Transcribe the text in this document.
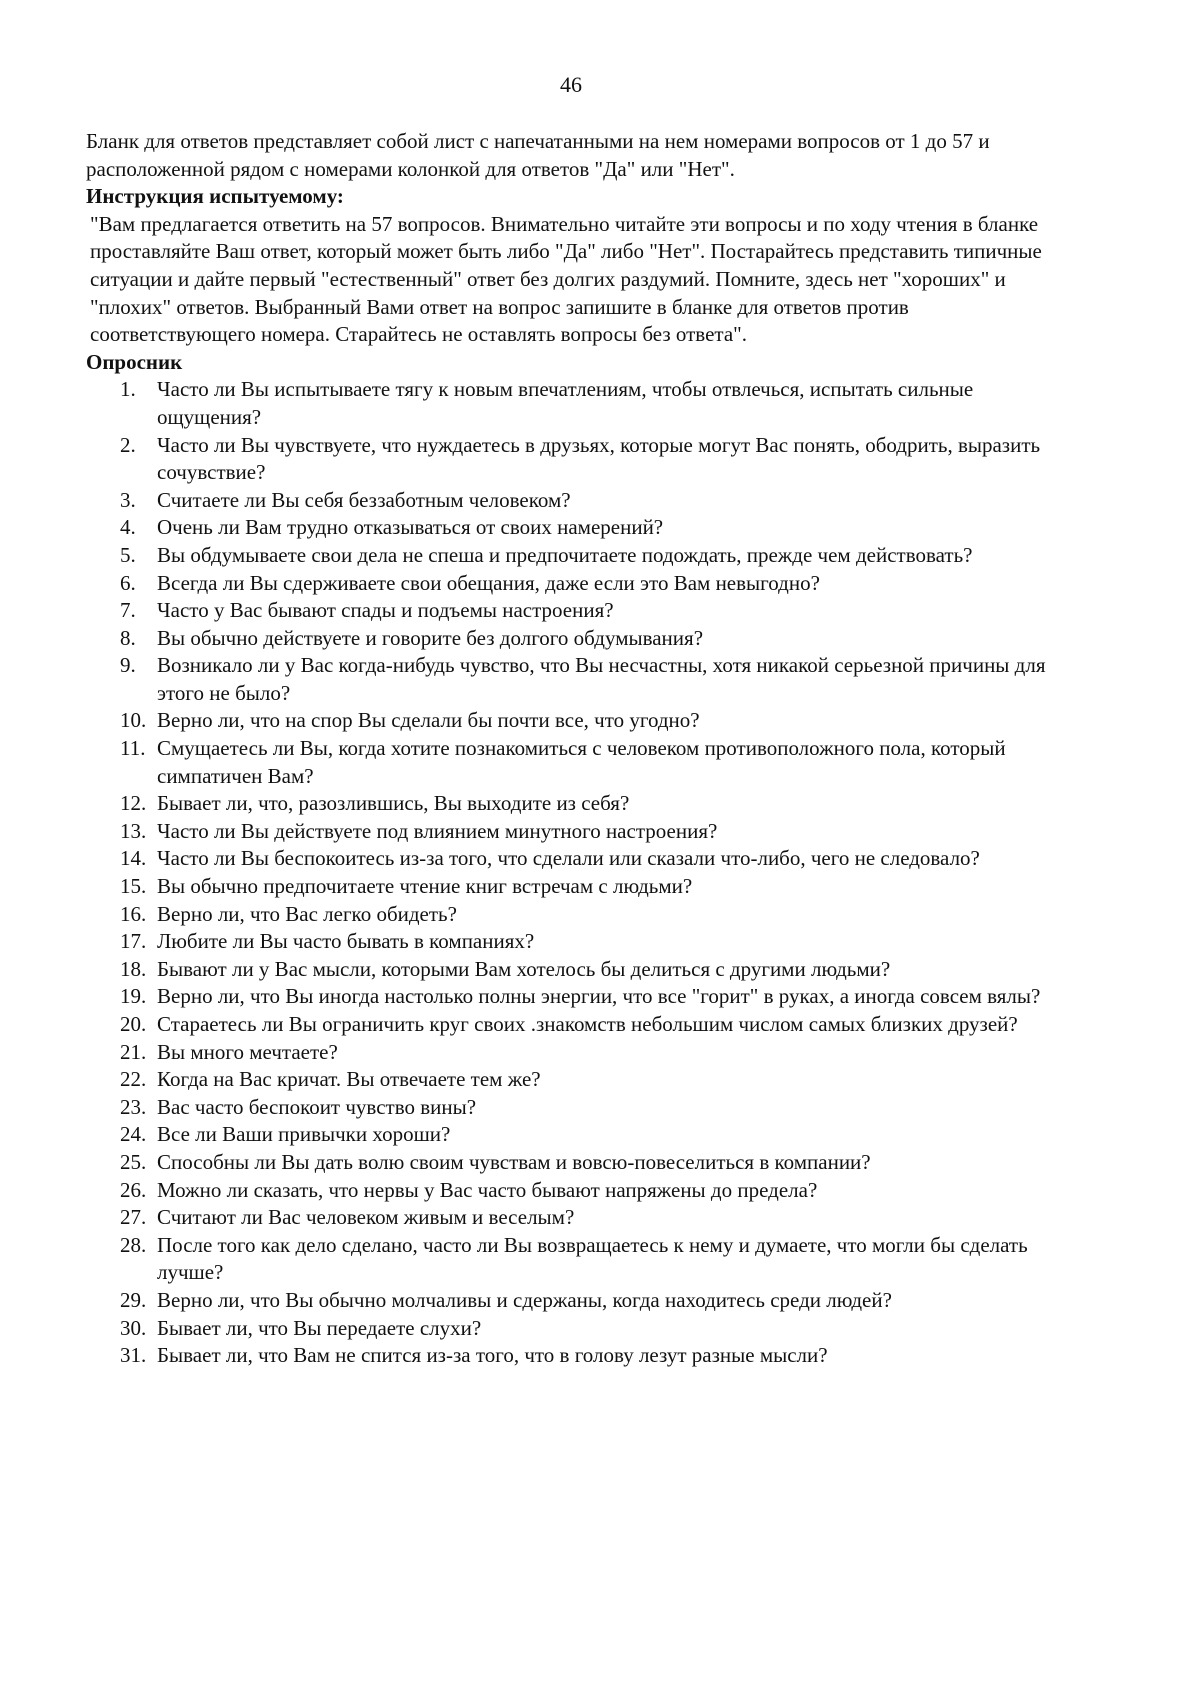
46

Бланк для ответов представляет собой лист с напечатанными на нем номерами вопросов от 1 до 57 и расположенной рядом с номерами колонкой для ответов "Да" или "Нет".

Инструкция испытуемому:

"Вам предлагается ответить на 57 вопросов. Внимательно читайте эти вопросы и по ходу чтения в бланке проставляйте Ваш ответ, который может быть либо "Да" либо "Нет". Постарайтесь представить типичные ситуации и дайте первый "естественный" ответ без долгих раздумий. Помните, здесь нет "хороших" и "плохих" ответов. Выбранный Вами ответ на вопрос запишите в бланке для ответов против соответствующего номера. Старайтесь не оставлять вопросы без ответа".

Опросник

1.	Часто ли Вы испытываете тягу к новым впечатлениям, чтобы отвлечься, испытать сильные ощущения?
2.	Часто ли Вы чувствуете, что нуждаетесь в друзьях, которые могут Вас понять, ободрить, выразить сочувствие?
3.	Считаете ли Вы себя беззаботным человеком?
4.	Очень ли Вам трудно отказываться от своих намерений?
5.	Вы обдумываете свои дела не спеша и предпочитаете подождать, прежде чем действовать?
6.	Всегда ли Вы сдерживаете свои обещания, даже если это Вам невыгодно?
7.	Часто у Вас бывают спады и подъемы настроения?
8.	Вы обычно действуете и говорите без долгого обдумывания?
9.	Возникало ли у Вас когда-нибудь чувство, что Вы несчастны, хотя никакой серьезной причины для этого не было?
10. Верно ли, что на спор Вы сделали бы почти все, что угодно?
11. Смущаетесь ли Вы, когда хотите познакомиться с человеком противоположного пола, который симпатичен Вам?
12. Бывает ли, что, разозлившись, Вы выходите из себя?
13. Часто ли Вы действуете под влиянием минутного настроения?
14. Часто ли Вы беспокоитесь из-за того, что сделали или сказали что-либо, чего не следовало?
15. Вы обычно предпочитаете чтение книг встречам с людьми?
16. Верно ли, что Вас легко обидеть?
17. Любите ли Вы часто бывать в компаниях?
18. Бывают ли у Вас мысли, которыми Вам хотелось бы делиться с другими людьми?
19. Верно ли, что Вы иногда настолько полны энергии, что все "горит" в руках, а иногда совсем вялы?
20. Стараетесь ли Вы ограничить круг своих .знакомств небольшим числом самых близких друзей?
21. Вы много мечтаете?
22. Когда на Вас кричат. Вы отвечаете тем же?
23. Вас часто беспокоит чувство вины?
24. Все ли Ваши привычки хороши?
25. Способны ли Вы дать волю своим чувствам и вовсю-повеселиться в компании?
26. Можно ли сказать, что нервы у Вас часто бывают напряжены до предела?
27. Считают ли Вас человеком живым и веселым?
28. После того как дело сделано, часто ли Вы возвращаетесь к нему и думаете, что могли бы сделать лучше?
29. Верно ли, что Вы обычно молчаливы и сдержаны, когда находитесь среди людей?
30. Бывает ли, что Вы передаете слухи?
31. Бывает ли, что Вам не спится из-за того, что в голову лезут разные мысли?
